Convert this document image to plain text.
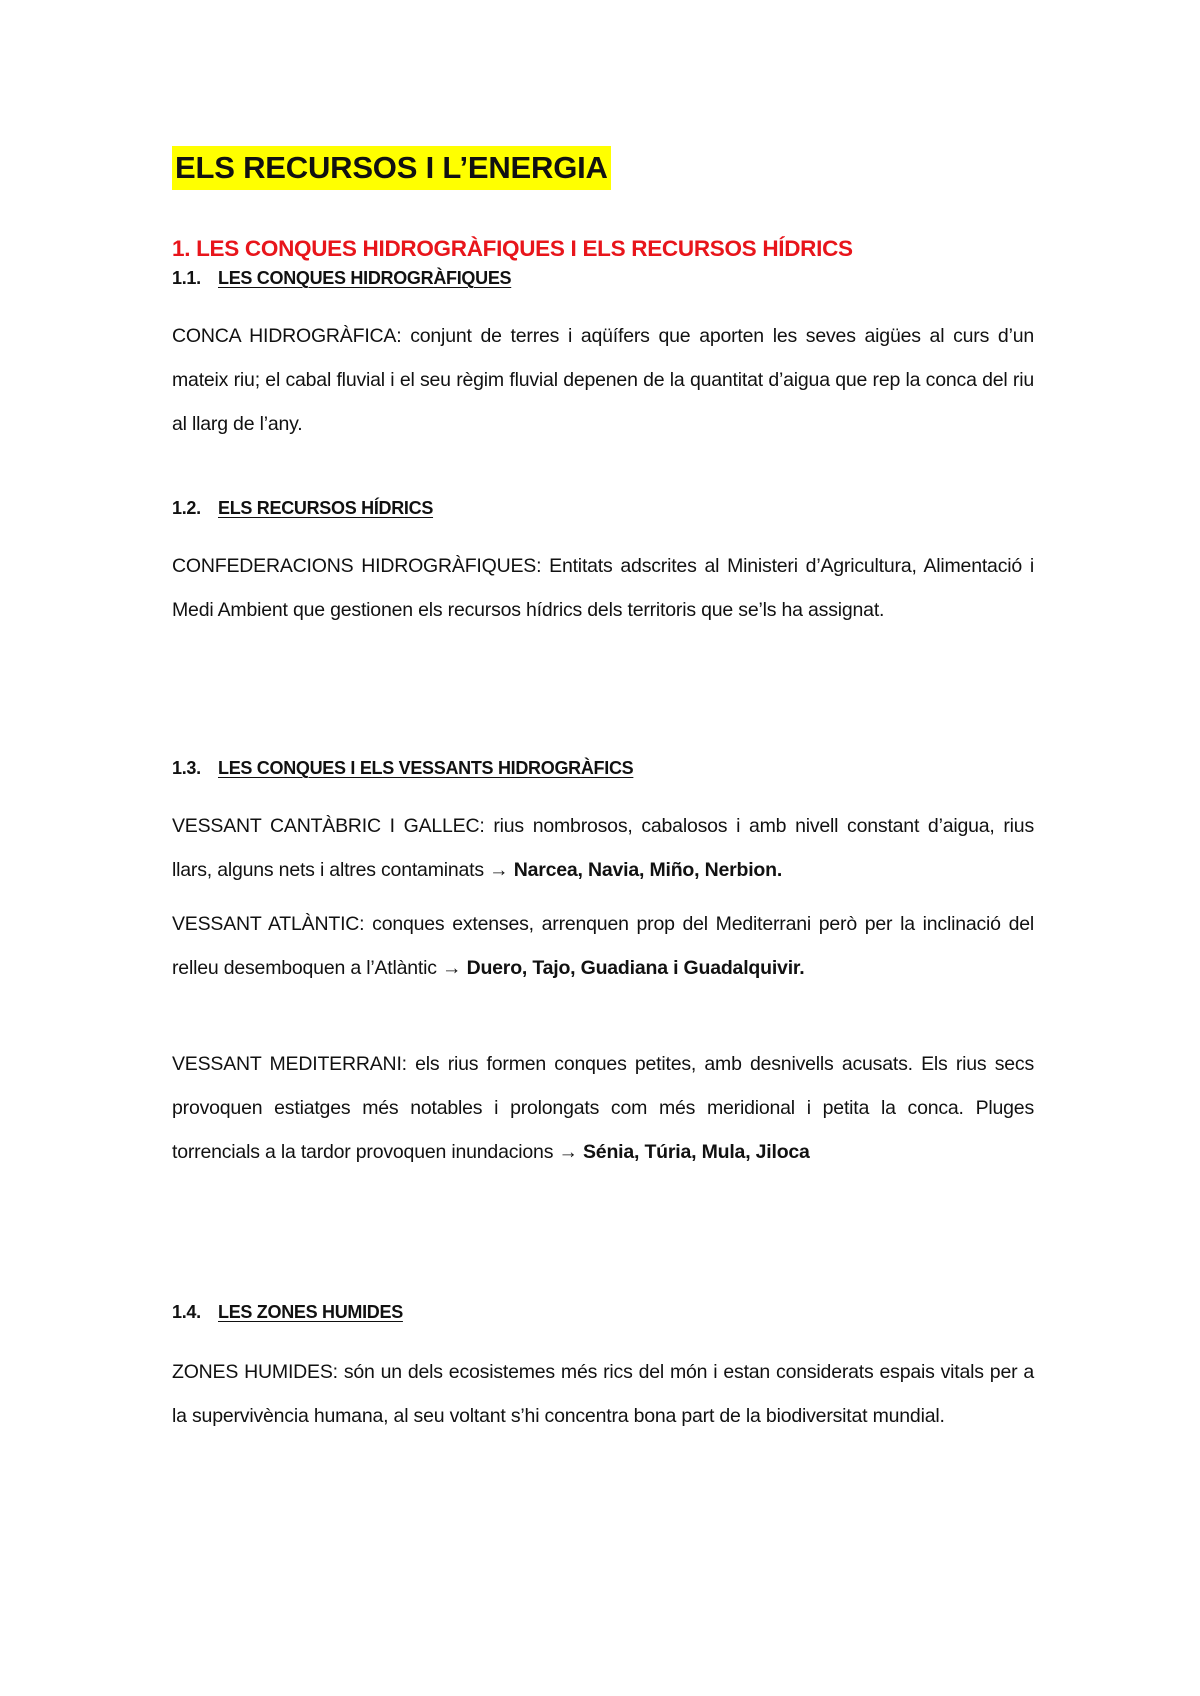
ELS RECURSOS I L’ENERGIA
1. LES CONQUES HIDROGRÀFIQUES I ELS RECURSOS HÍDRICS
1.1. LES CONQUES HIDROGRÀFIQUES
CONCA HIDROGRÀFICA: conjunt de terres i aqüífers que aporten les seves aigües al curs d’un mateix riu; el cabal fluvial i el seu règim fluvial depenen de la quantitat d’aigua que rep la conca del riu al llarg de l’any.
1.2. ELS RECURSOS HÍDRICS
CONFEDERACIONS HIDROGRÀFIQUES: Entitats adscrites al Ministeri d’Agricultura, Alimentació i Medi Ambient que gestionen els recursos hídrics dels territoris que se’ls ha assignat.
1.3. LES CONQUES I ELS VESSANTS HIDROGRÀFICS
VESSANT CANTÀBRIC I GALLEC: rius nombrosos, cabalosos i amb nivell constant d’aigua, rius llars, alguns nets i altres contaminats → Narcea, Navia, Miño, Nerbion.
VESSANT ATLÀNTIC: conques extenses, arrenquen prop del Mediterrani però per la inclinació del relleu desemboquen a l’Atlàntic → Duero, Tajo, Guadiana i Guadalquivir.
VESSANT MEDITERRANI: els rius formen conques petites, amb desnivells acusats. Els rius secs provoquen estiatges més notables i prolongats com més meridional i petita la conca. Pluges torrencials a la tardor provoquen inundacions → Sénia, Túria, Mula, Jiloca
1.4. LES ZONES HUMIDES
ZONES HUMIDES: són un dels ecosistemes més rics del món i estan considerats espais vitals per a la supervivència humana, al seu voltant s’hi concentra bona part de la biodiversitat mundial.
